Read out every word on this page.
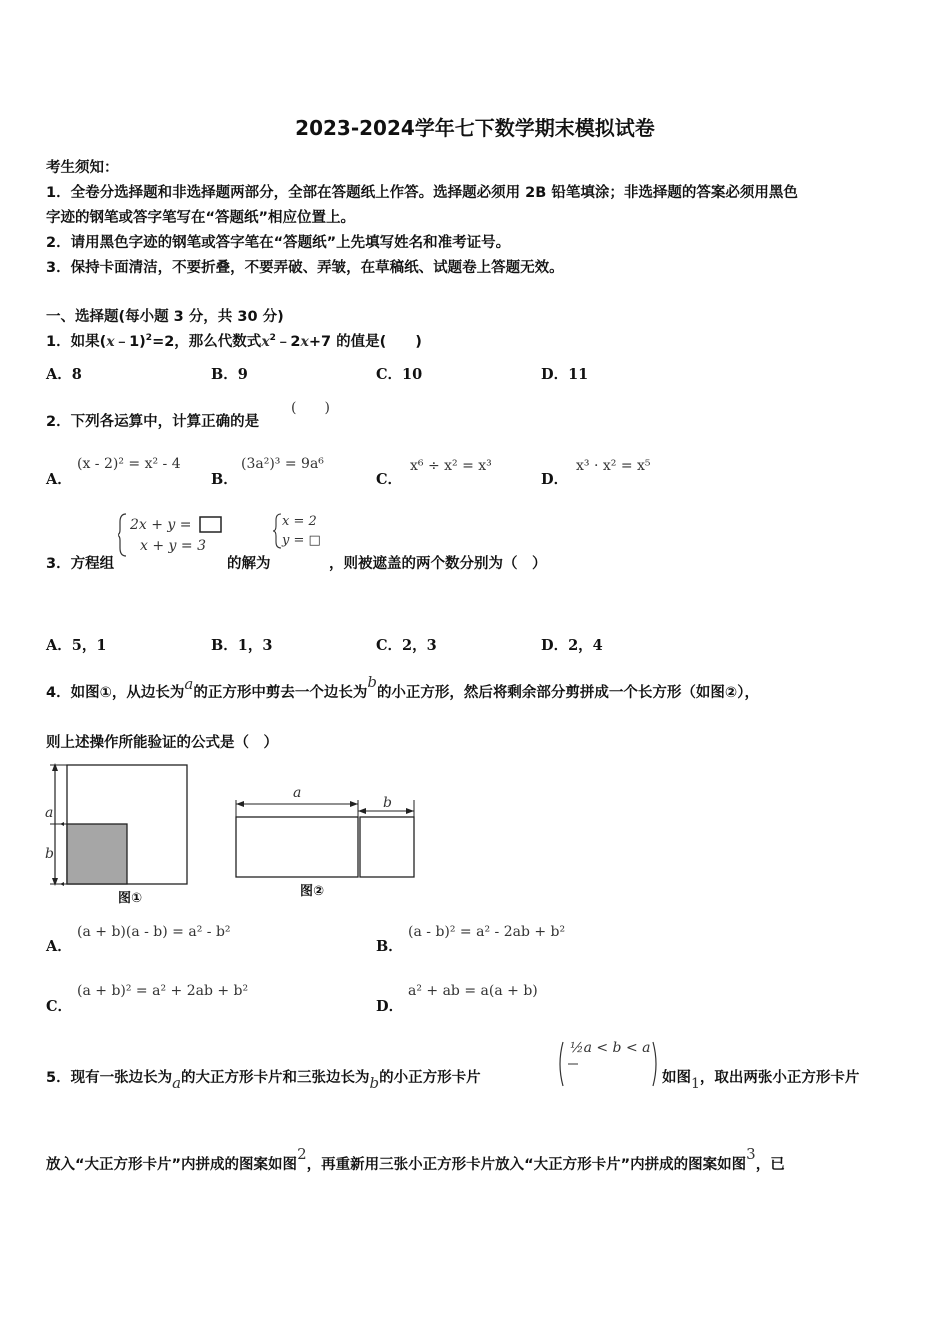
2023-2024学年七下数学期末模拟试卷
考生须知：
1．全卷分选择题和非选择题两部分，全部在答题纸上作答。选择题必须用 2B 铅笔填涂；非选择题的答案必须用黑色
字迹的钢笔或答字笔写在“答题纸”相应位置上。
2．请用黑色字迹的钢笔或答字笔在“答题纸”上先填写姓名和准考证号。
3．保持卡面清洁，不要折叠，不要弄破、弄皱，在草稿纸、试题卷上答题无效。
一、选择题(每小题 3 分，共 30 分)
1．如果(x﹣1)$^2$=2，那么代数式$x^2﹣2x+7$ 的值是(　　)
A．8	B．9	C．10	D．11
2．下列各运算中，计算正确的是
(　　)
A．
(x - 2)² = x² - 4
B．
(3a²)³ = 9a⁶
C．
x⁶ ÷ x² = x³
D．
x³ · x² = x⁵
3．方程组
2x + y =
x + y = 3
的解为
x = 2
y = □
，则被遮盖的两个数分别为（　）
A．5，1	B．1，3	C．2，3	D．2，4
4．如图①，从边长为a的正方形中剪去一个边长为b的小正方形，然后将剩余部分剪拼成一个长方形（如图②），
则上述操作所能验证的公式是（　）
a
b
图①
a
b
图②
A．
(a + b)(a - b) = a² - b²
B．
(a - b)² = a² - 2ab + b²
C．
(a + b)² = a² + 2ab + b²
D．
a² + ab = a(a + b)
5．现有一张边长为a的大正方形卡片和三张边长为b的小正方形卡片
½a < b < a
如图1，取出两张小正方形卡片
放入“大正方形卡片”内拼成的图案如图2，再重新用三张小正方形卡片放入“大正方形卡片”内拼成的图案如图3，已
